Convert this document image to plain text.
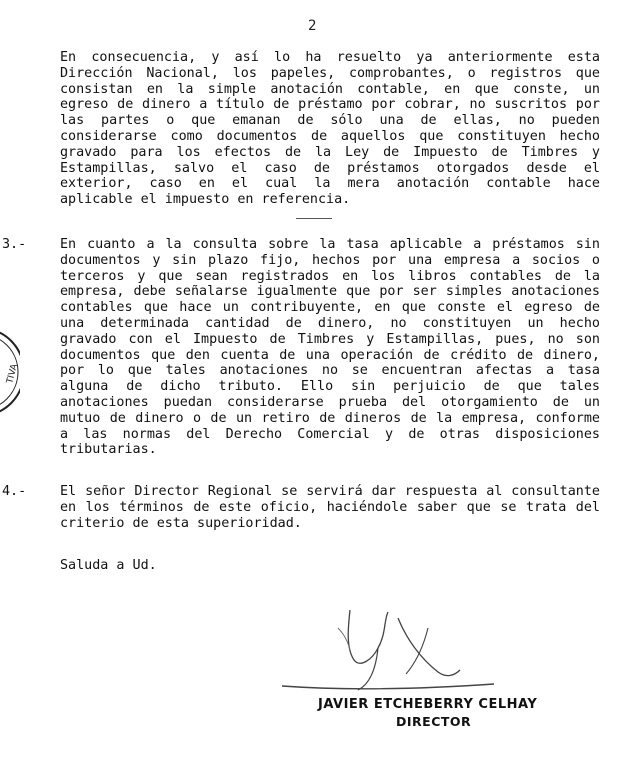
2

En consecuencia, y así lo ha resuelto ya anteriormente esta Dirección Nacional, los papeles, comprobantes, o registros que consistan en la simple anotación contable, en que conste, un egreso de dinero a título de préstamo por cobrar, no suscritos por las partes o que emanan de sólo una de ellas, no pueden considerarse como documentos de aquellos que constituyen hecho gravado para los efectos de la Ley de Impuesto de Timbres y Estampillas, salvo el caso de préstamos otorgados desde el exterior, caso en el cual la mera anotación contable hace aplicable el impuesto en referencia.

3.-	En cuanto a la consulta sobre la tasa aplicable a préstamos sin documentos y sin plazo fijo, hechos por una empresa a socios o terceros y que sean registrados en los libros contables de la empresa, debe señalarse igualmente que por ser simples anotaciones contables que hace un contribuyente, en que conste el egreso de una determinada cantidad de dinero, no constituyen un hecho gravado con el Impuesto de Timbres y Estampillas, pues, no son documentos que den cuenta de una operación de crédito de dinero, por lo que tales anotaciones no se encuentran afectas a tasa alguna de dicho tributo. Ello sin perjuicio de que tales anotaciones puedan considerarse prueba del otorgamiento de un mutuo de dinero o de un retiro de dineros de la empresa, conforme a las normas del Derecho Comercial y de otras disposiciones tributarias.

4.-	El señor Director Regional se servirá dar respuesta al consultante en los términos de este oficio, haciéndole saber que se trata del criterio de esta superioridad.

Saluda a Ud.
TIVA
JAVIER ETCHEBERRY CELHAY
DIRECTOR
